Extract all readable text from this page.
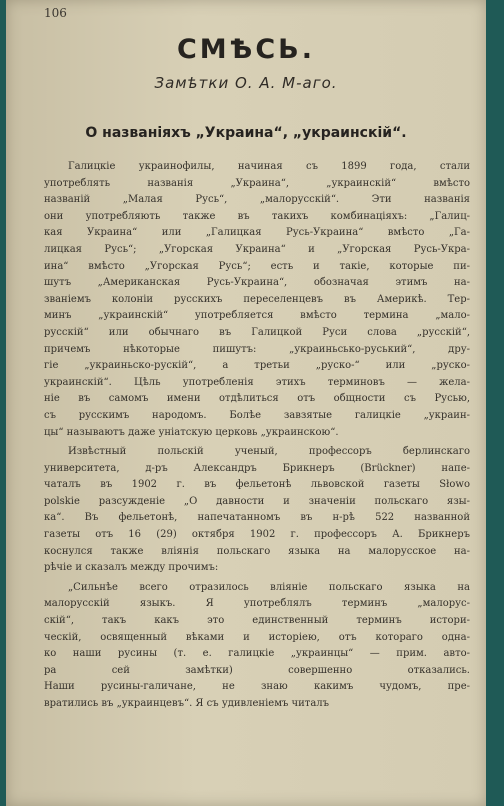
106
СМѢСЬ.
Замѣтки О. А. М-аго.
О названіяхъ „Украина“, „украинскій“.

Галицкіе украинофилы, начиная съ 1899 года, стали
употреблять названія „Украина“, „украинскій“ вмѣсто
названій „Малая Русь“, „малорусскій“. Эти названія
они употребляють также въ такихъ комбинаціяхъ: „Галиц-
кая Украина“ или „Галицкая Русь-Украина“ вмѣсто „Га-
лицкая Русь“; „Угорская Украина“ и „Угорская Русь-Укра-
ина“ вмѣсто „Угорская Русь“; есть и такіе, которые пи-
шутъ „Американская Русь-Украина“, обозначая этимъ на-
званіемъ колоніи русскихъ переселенцевъ въ Америкѣ. Тер-
минъ „украинскій“ употребляется вмѣсто термина „мало-
русскій“ или обычнаго въ Галицкой Руси слова „русскій“,
причемъ нѣкоторые пишутъ: „украиньсько-руський“, дру-
гіе „украиньско-рускій“, а третьи „руско-“ или „руско-
украинскій“. Цѣль употребленія этихъ терминовъ — жела-
ніе въ самомъ имени отдѣлиться отъ общности съ Русью,
съ русскимъ народомъ. Болѣе завзятые галицкіе „украин-
цы“ называютъ даже уніатскую церковь „украинскою“.

Извѣстный польскій ученый, профессоръ берлинскаго
университета, д-ръ Александръ Брикнеръ (Brückner) напе-
чаталъ въ 1902 г. въ фельетонѣ львовской газеты Słowo
polskie разсужденіе „О давности и значеніи польскаго язы-
ка“. Въ фельетонѣ, напечатанномъ въ н-рѣ 522 названной
газеты отъ 16 (29) октября 1902 г. профессоръ А. Брикнеръ
коснулся также вліянія польскаго языка на малорусское на-
рѣчіе и сказалъ между прочимъ:

„Сильнѣе всего отразилось вліяніе польскаго языка на
малорусскій языкъ. Я употреблялъ терминъ „малорус-
скій“, такъ какъ это единственный терминъ истори-
ческій, освященный вѣками и исторіею, отъ котораго одна-
ко наши русины (т. е. галицкіе „украинцы“ — прим. авто-
ра сей замѣтки) совершенно отказались.
Наши русины-галичане, не знаю какимъ чудомъ, пре-
вратились въ „украинцевъ“. Я съ удивленіемъ читалъ
